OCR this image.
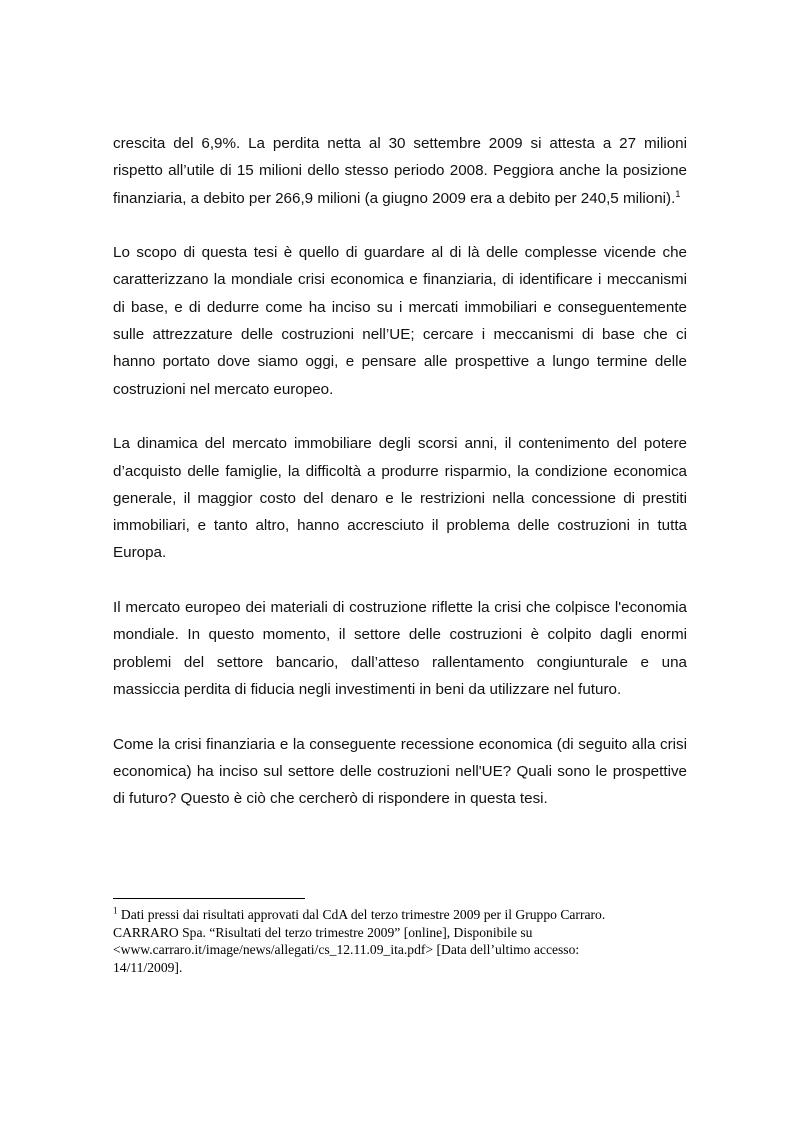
crescita del 6,9%. La perdita netta al 30 settembre 2009 si attesta a 27 milioni rispetto all’utile di 15 milioni dello stesso periodo 2008. Peggiora anche la posizione finanziaria, a debito per 266,9 milioni (a giugno 2009 era a debito per 240,5 milioni).$^1$

Lo scopo di questa tesi è quello di guardare al di là delle complesse vicende che caratterizzano la mondiale crisi economica e finanziaria, di identificare i meccanismi di base, e di dedurre come ha inciso su i mercati immobiliari e conseguentemente sulle attrezzature delle costruzioni nell’UE; cercare i meccanismi di base che ci hanno portato dove siamo oggi, e pensare alle prospettive a lungo termine delle costruzioni nel mercato europeo.

La dinamica del mercato immobiliare degli scorsi anni, il contenimento del potere d’acquisto delle famiglie, la difficoltà a produrre risparmio, la condizione economica generale, il maggior costo del denaro e le restrizioni nella concessione di prestiti immobiliari, e tanto altro, hanno accresciuto il problema delle costruzioni in tutta Europa.

Il mercato europeo dei materiali di costruzione riflette la crisi che colpisce l'economia mondiale. In questo momento, il settore delle costruzioni è colpito dagli enormi problemi del settore bancario, dall’atteso rallentamento congiunturale e una massiccia perdita di fiducia negli investimenti in beni da utilizzare nel futuro.

Come la crisi finanziaria e la conseguente recessione economica (di seguito alla crisi economica) ha inciso sul settore delle costruzioni nell'UE? Quali sono le prospettive di futuro? Questo è ciò che cercherò di rispondere in questa tesi.

$^1$ Dati pressi dai risultati approvati dal CdA del terzo trimestre 2009 per il Gruppo Carraro. CARRARO Spa. “Risultati del terzo trimestre 2009” [online], Disponibile su <www.carraro.it/image/news/allegati/cs_12.11.09_ita.pdf> [Data dell’ultimo accesso: 14/11/2009].
